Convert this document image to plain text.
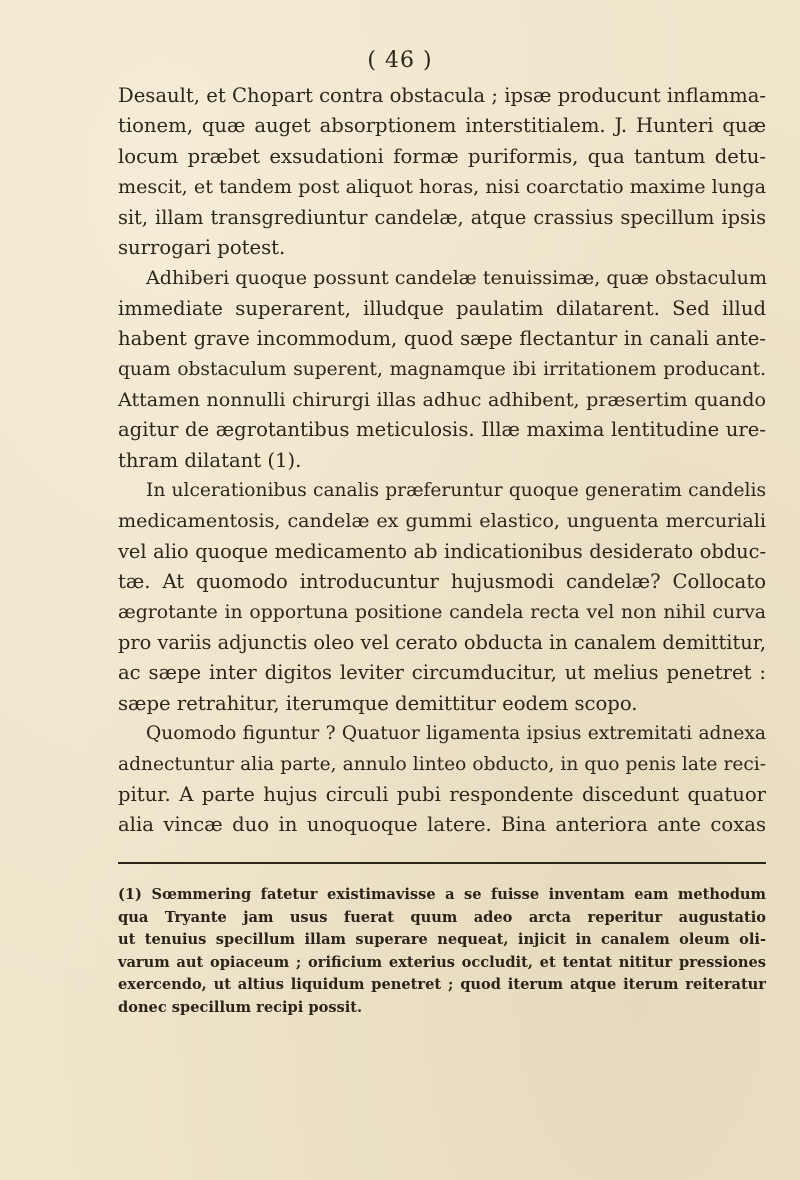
( 46 )
Desault, et Chopart contra obstacula ; ipsæ producunt inflamma-
tionem, quæ auget absorptionem interstitialem. J. Hunteri quæ
locum præbet exsudationi formæ puriformis, qua tantum detu-
mescit, et tandem post aliquot horas, nisi coarctatio maxime lunga
sit, illam transgrediuntur candelæ, atque crassius specillum ipsis
surrogari potest.
Adhiberi quoque possunt candelæ tenuissimæ, quæ obstaculum
immediate superarent, illudque paulatim dilatarent. Sed illud
habent grave incommodum, quod sæpe flectantur in canali ante-
quam obstaculum superent, magnamque ibi irritationem producant.
Attamen nonnulli chirurgi illas adhuc adhibent, præsertim quando
agitur de ægrotantibus meticulosis. Illæ maxima lentitudine ure-
thram dilatant (1).
In ulcerationibus canalis præferuntur quoque generatim candelis
medicamentosis, candelæ ex gummi elastico, unguenta mercuriali
vel alio quoque medicamento ab indicationibus desiderato obduc-
tæ. At quomodo introducuntur hujusmodi candelæ? Collocato
ægrotante in opportuna positione candela recta vel non nihil curva
pro variis adjunctis oleo vel cerato obducta in canalem demittitur,
ac sæpe inter digitos leviter circumducitur, ut melius penetret :
sæpe retrahitur, iterumque demittitur eodem scopo.
Quomodo figuntur ? Quatuor ligamenta ipsius extremitati adnexa
adnectuntur alia parte, annulo linteo obducto, in quo penis late reci-
pitur. A parte hujus circuli pubi respondente discedunt quatuor
alia vincæ duo in unoquoque latere. Bina anteriora ante coxas
(1) Sœmmering fatetur existimavisse a se fuisse inventam eam methodum
qua Tryante jam usus fuerat quum adeo arcta reperitur augustatio
ut tenuius specillum illam superare nequeat, injicit in canalem oleum oli-
varum aut opiaceum ; orificium exterius occludit, et tentat nititur pressiones
exercendo, ut altius liquidum penetret ; quod iterum atque iterum reiteratur
donec specillum recipi possit.
